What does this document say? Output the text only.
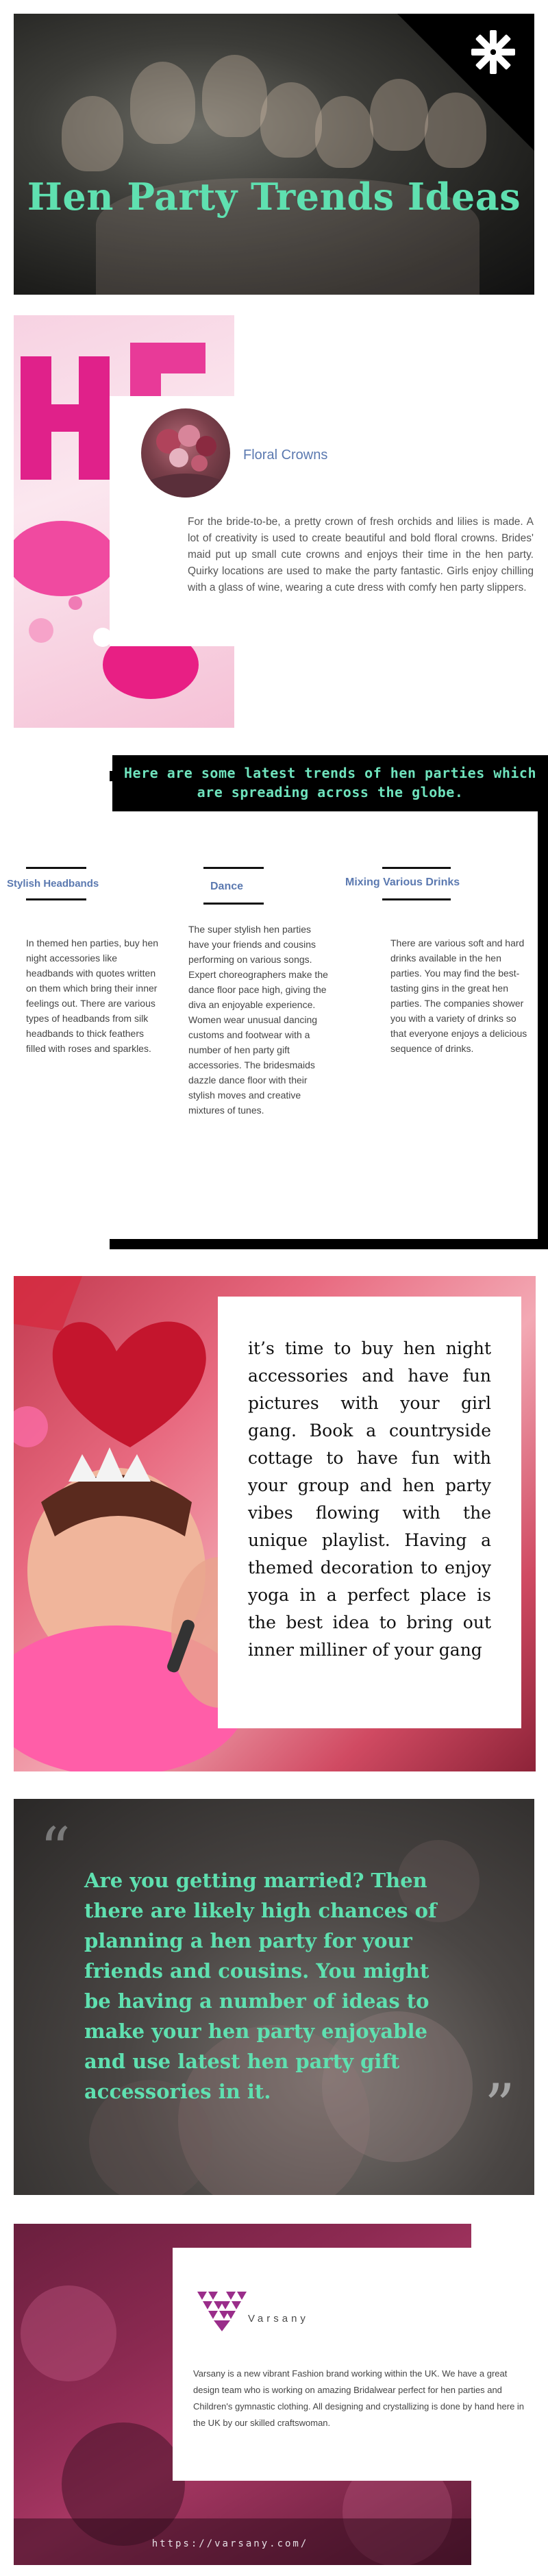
Hen Party Trends Ideas
Floral Crowns

For the bride-to-be, a pretty crown of fresh orchids and lilies is made. A lot of creativity is used to create beautiful and bold floral crowns. Brides' maid put up small cute crowns and enjoys their time in the hen party. Quirky locations are used to make the party fantastic. Girls enjoy chilling with a glass of wine, wearing a cute dress with comfy hen party slippers.

Here are some latest trends of hen parties which are spreading across the globe.
Stylish Headbands

In themed hen parties, buy hen night accessories like headbands with quotes written on them which bring their inner feelings out. There are various types of headbands from silk headbands to thick feathers filled with roses and sparkles.

Dance

The super stylish hen parties have your friends and cousins performing on various songs. Expert choreographers make the dance floor pace high, giving the diva an enjoyable experience. Women wear unusual dancing customs and footwear with a number of hen party gift accessories. The bridesmaids dazzle dance floor with their stylish moves and creative mixtures of tunes.

Mixing Various Drinks

There are various soft and hard drinks available in the hen parties. You may find the best-tasting gins in the great hen parties. The companies shower you with a variety of drinks so that everyone enjoys a delicious sequence of drinks.

it’s time to buy hen night accessories and have fun pictures with your girl gang. Book a countryside cottage to have fun with your group and hen party vibes flowing with the unique playlist. Having a themed decoration to enjoy yoga in a perfect place is the best idea to bring out inner milliner of your gang

“ Are you getting married? Then there are likely high chances of planning a hen party for your friends and cousins. You might be having a number of ideas to make your hen party enjoyable and use latest hen party gift accessories in it.	”
Varsany

Varsany is a new vibrant Fashion brand working within the UK. We have a great design team who is working on amazing Bridalwear perfect for hen parties and Children's gymnastic clothing. All designing and crystallizing is done by hand here in the UK by our skilled craftswoman.

https://varsany.com/
